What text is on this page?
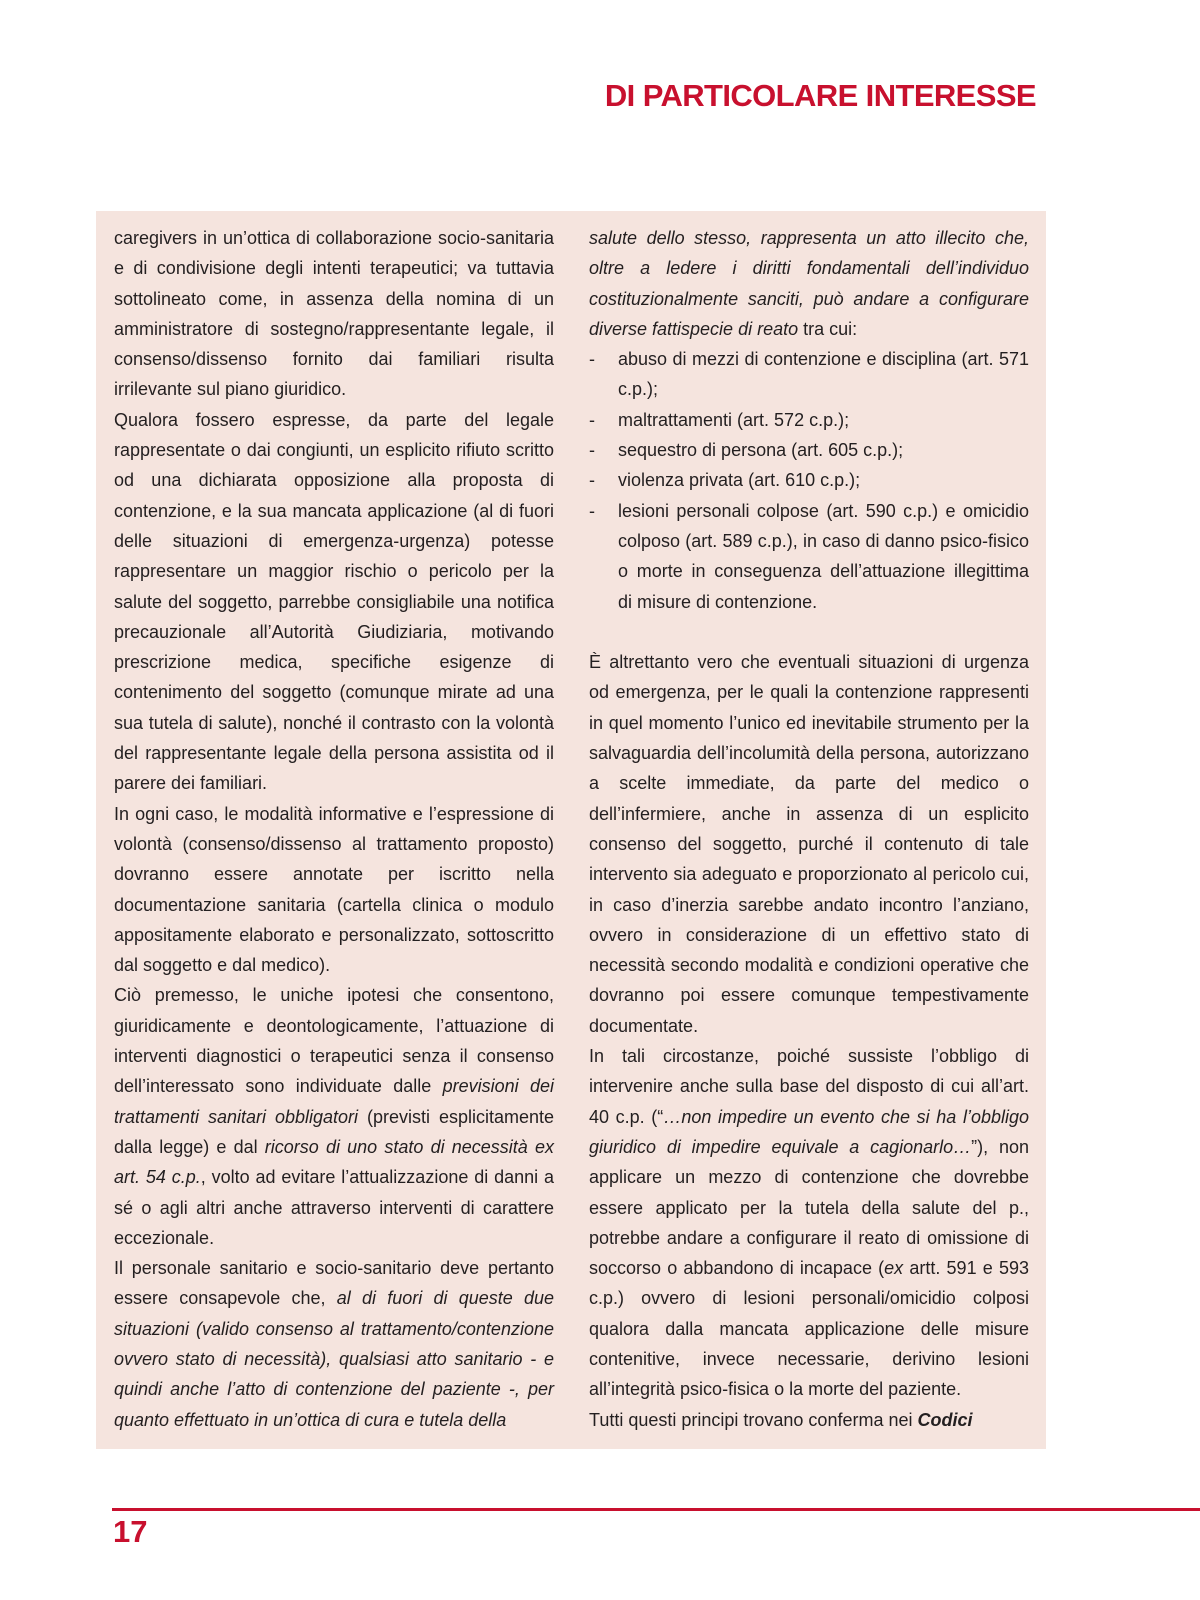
DI PARTICOLARE INTERESSE

caregivers in un’ottica di collaborazione socio-sanitaria e di condivisione degli intenti terapeutici; va tuttavia sottolineato come, in assenza della nomina di un amministratore di sostegno/rappresentante legale, il consenso/dissenso fornito dai familiari risulta irrilevante sul piano giuridico.

Qualora fossero espresse, da parte del legale rappresentate o dai congiunti, un esplicito rifiuto scritto od una dichiarata opposizione alla proposta di contenzione, e la sua mancata applicazione (al di fuori delle situazioni di emergenza-urgenza) potesse rappresentare un maggior rischio o pericolo per la salute del soggetto, parrebbe consigliabile una notifica precauzionale all’Autorità Giudiziaria, motivando prescrizione medica, specifiche esigenze di contenimento del soggetto (comunque mirate ad una sua tutela di salute), nonché il contrasto con la volontà del rappresentante legale della persona assistita od il parere dei familiari.

In ogni caso, le modalità informative e l’espressione di volontà (consenso/dissenso al trattamento proposto) dovranno essere annotate per iscritto nella documentazione sanitaria (cartella clinica o modulo appositamente elaborato e personalizzato, sottoscritto dal soggetto e dal medico).

Ciò premesso, le uniche ipotesi che consentono, giuridicamente e deontologicamente, l’attuazione di interventi diagnostici o terapeutici senza il consenso dell’interessato sono individuate dalle previsioni dei trattamenti sanitari obbligatori (previsti esplicitamente dalla legge) e dal ricorso di uno stato di necessità ex art. 54 c.p., volto ad evitare l’attualizzazione di danni a sé o agli altri anche attraverso interventi di carattere eccezionale.

Il personale sanitario e socio-sanitario deve pertanto essere consapevole che, al di fuori di queste due situazioni (valido consenso al trattamento/contenzione ovvero stato di necessità), qualsiasi atto sanitario - e quindi anche l’atto di contenzione del paziente -, per quanto effettuato in un’ottica di cura e tutela della

salute dello stesso, rappresenta un atto illecito che, oltre a ledere i diritti fondamentali dell’individuo costituzionalmente sanciti, può andare a configurare diverse fattispecie di reato tra cui:

- abuso di mezzi di contenzione e disciplina (art. 571 c.p.);
- maltrattamenti (art. 572 c.p.);
- sequestro di persona (art. 605 c.p.);
- violenza privata (art. 610 c.p.);
- lesioni personali colpose (art. 590 c.p.) e omicidio colposo (art. 589 c.p.), in caso di danno psico-fisico o morte in conseguenza dell’attuazione illegittima di misure di contenzione.

È altrettanto vero che eventuali situazioni di urgenza od emergenza, per le quali la contenzione rappresenti in quel momento l’unico ed inevitabile strumento per la salvaguardia dell’incolumità della persona, autorizzano a scelte immediate, da parte del medico o dell’infermiere, anche in assenza di un esplicito consenso del soggetto, purché il contenuto di tale intervento sia adeguato e proporzionato al pericolo cui, in caso d’inerzia sarebbe andato incontro l’anziano, ovvero in considerazione di un effettivo stato di necessità secondo modalità e condizioni operative che dovranno poi essere comunque tempestivamente documentate.

In tali circostanze, poiché sussiste l’obbligo di intervenire anche sulla base del disposto di cui all’art. 40 c.p. (“…non impedire un evento che si ha l’obbligo giuridico di impedire equivale a cagionarlo…”), non applicare un mezzo di contenzione che dovrebbe essere applicato per la tutela della salute del p., potrebbe andare a configurare il reato di omissione di soccorso o abbandono di incapace (ex artt. 591 e 593 c.p.) ovvero di lesioni personali/omicidio colposi qualora dalla mancata applicazione delle misure contenitive, invece necessarie, derivino lesioni all’integrità psico-fisica o la morte del paziente.

Tutti questi principi trovano conferma nei Codici

17
